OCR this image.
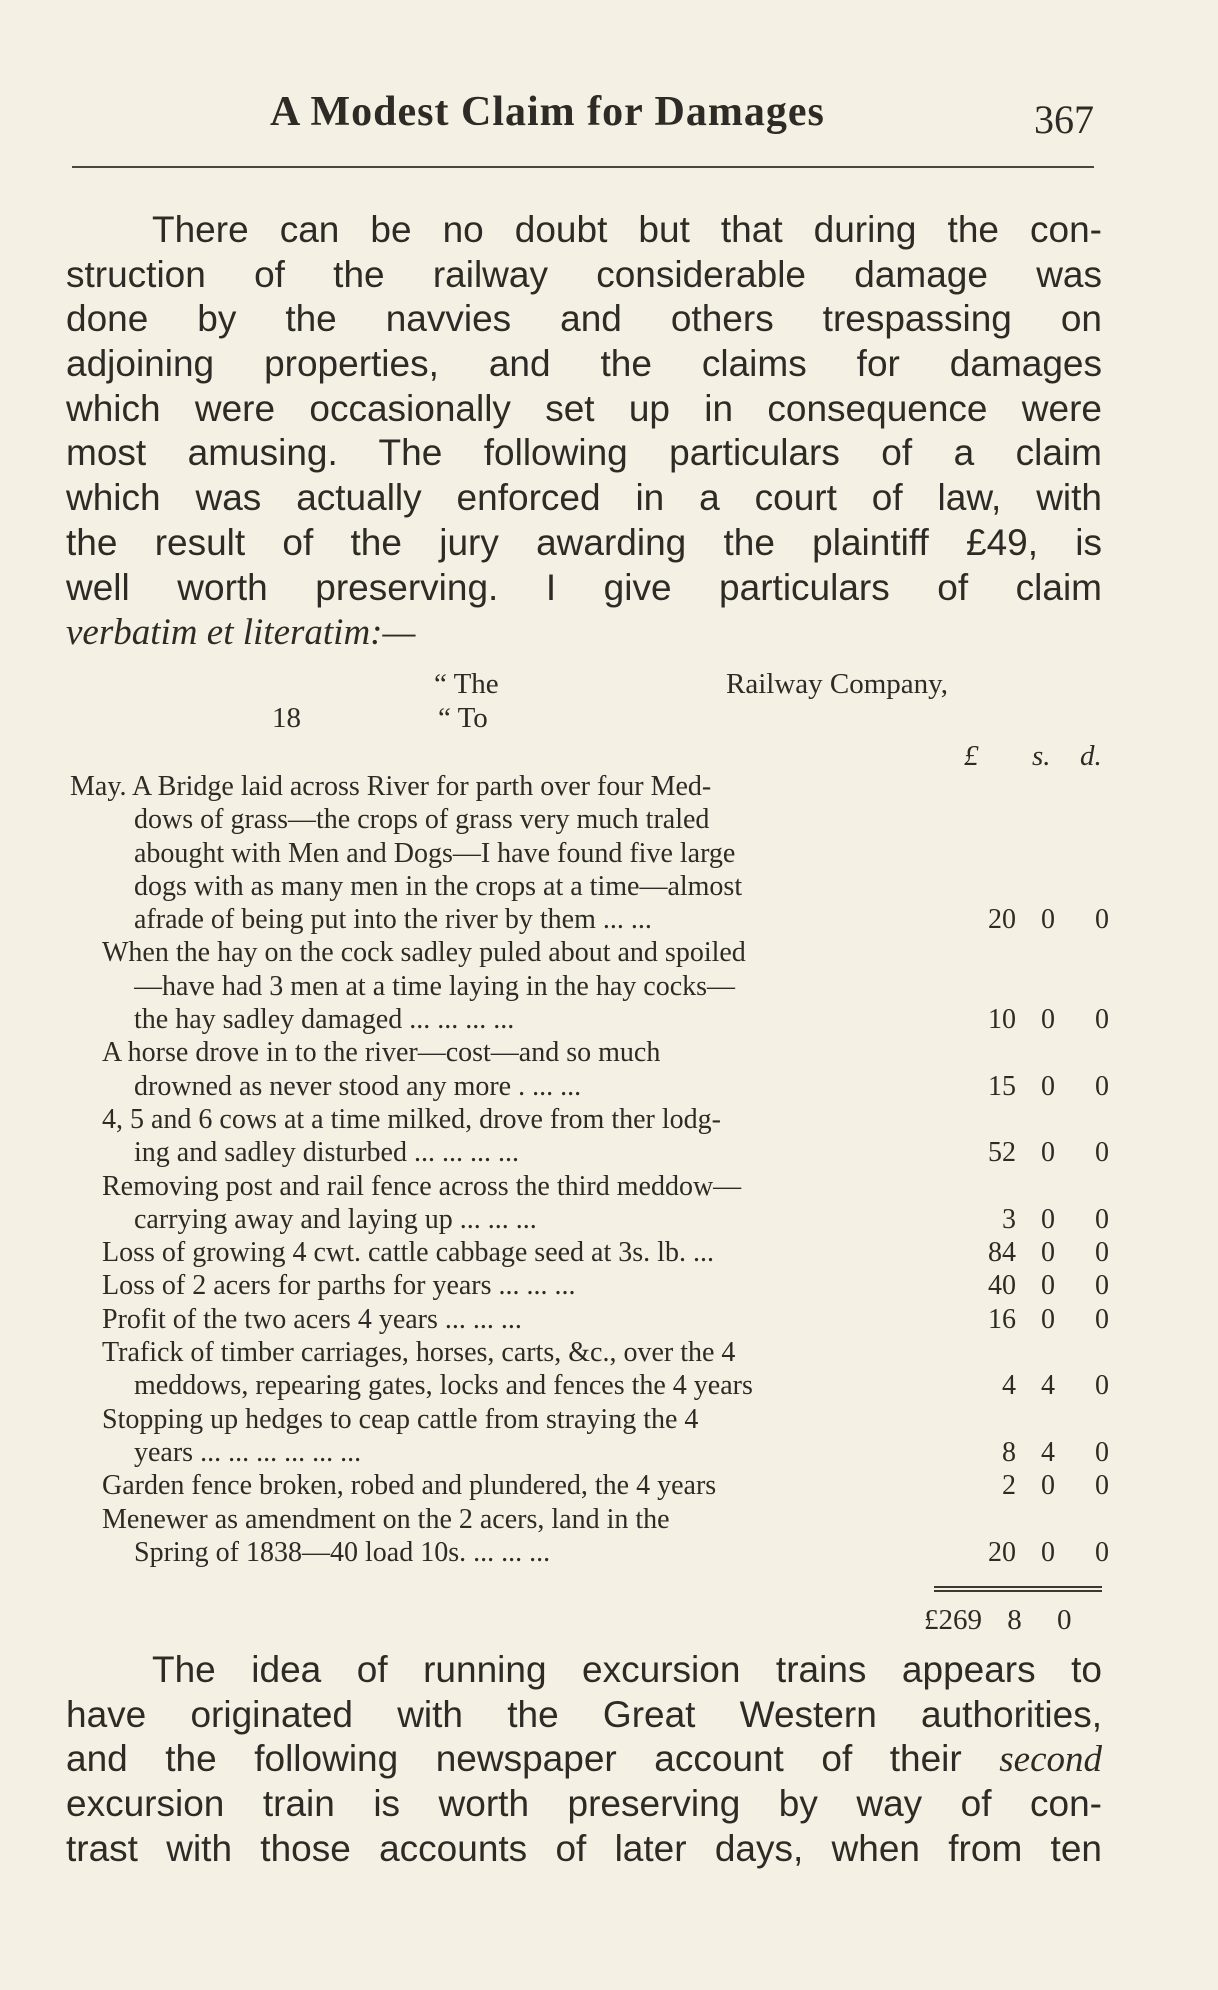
A Modest Claim for Damages	367
There can be no doubt but that during the con-
struction of the railway considerable damage was
done by the navvies and others trespassing on
adjoining properties, and the claims for damages
which were occasionally set up in consequence were
most amusing. The following particulars of a claim
which was actually enforced in a court of law, with
the result of the jury awarding the plaintiff £49, is
well worth preserving. I give particulars of claim
verbatim et literatim:—
“ The	Railway Company,
18	“ To
£ s. d.
May. A Bridge laid across River for parth over four Med-
dows of grass—the crops of grass very much traled
abought with Men and Dogs—I have found five large
dogs with as many men in the crops at a time—almost
afrade of being put into the river by them ... ...	20 0	0
When the hay on the cock sadley puled about and spoiled
—have had 3 men at a time laying in the hay cocks—
the hay sadley damaged ... ... ... ...	10 0	0
A horse drove in to the river—cost—and so much
drowned as never stood any more . ... ...	15 0	0
4, 5 and 6 cows at a time milked, drove from ther lodg-
ing and sadley disturbed ... ... ... ...	52 0	0
Removing post and rail fence across the third meddow—
carrying away and laying up ... ... ...	3 0	0
Loss of growing 4 cwt. cattle cabbage seed at 3s. lb. ...	84 0	0
Loss of 2 acers for parths for years ... ... ...	40 0	0
Profit of the two acers 4 years ... ... ...	16 0	0
Trafick of timber carriages, horses, carts, &c., over the 4
meddows, repearing gates, locks and fences the 4 years	4 4	0
Stopping up hedges to ceap cattle from straying the 4
years ... ... ... ... ... ...	8 4	0
Garden fence broken, robed and plundered, the 4 years	2 0	0
Menewer as amendment on the 2 acers, land in the
Spring of 1838—40 load 10s. ... ... ...	20 0	0
£269 8 0
The idea of running excursion trains appears to
have originated with the Great Western authorities,
and the following newspaper account of their second
excursion train is worth preserving by way of con-
trast with those accounts of later days, when from ten
